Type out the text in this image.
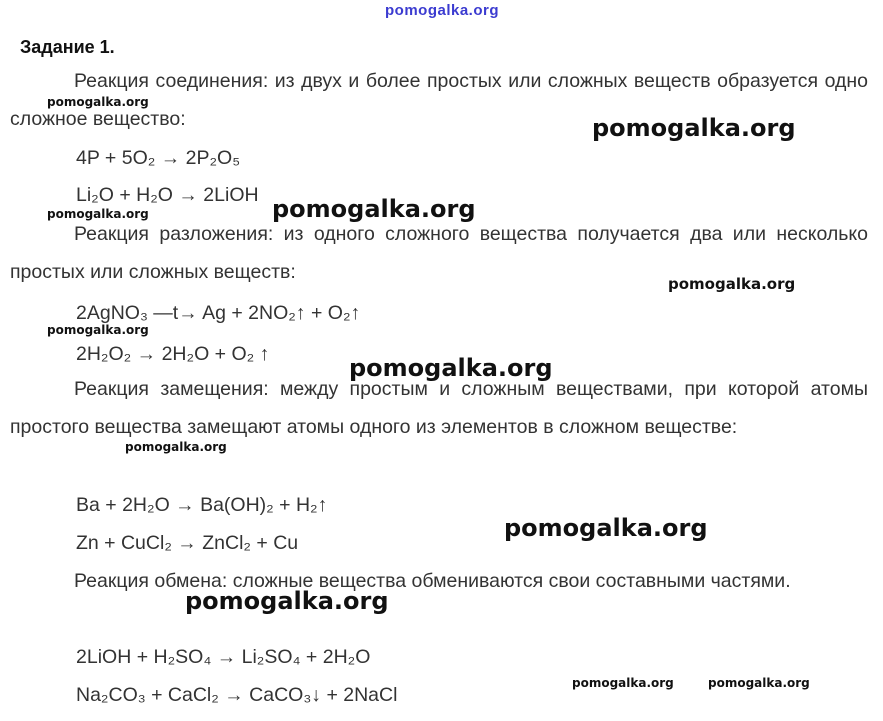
pomogalka.org
Задание 1.
Реакция соединения: из двух и более простых или сложных веществ образуется одно сложное вещество:
4P + 5O₂ → 2P₂O₅
Li₂O + H₂O → 2LiOH
Реакция разложения: из одного сложного вещества получается два или несколько простых или сложных веществ:
2AgNO₃ —t→ Ag + 2NO₂↑ + O₂↑
2H₂O₂ → 2H₂O + O₂ ↑
Реакция замещения: между простым и сложным веществами, при которой атомы простого вещества замещают атомы одного из элементов в сложном веществе:
Ba + 2H₂O → Ba(OH)₂ + H₂↑
Zn + CuCl₂ → ZnCl₂ + Cu
Реакция обмена: сложные вещества обмениваются свои составными частями.
2LiOH + H₂SO₄ → Li₂SO₄ + 2H₂O
Na₂CO₃ + CaCl₂ → CaCO₃↓ + 2NaCl
pomogalka.org
pomogalka.org
pomogalka.org	pomogalka.org
pomogalka.org
pomogalka.org
pomogalka.org
pomogalka.org
pomogalka.org
pomogalka.org
pomogalka.org	pomogalka.org
